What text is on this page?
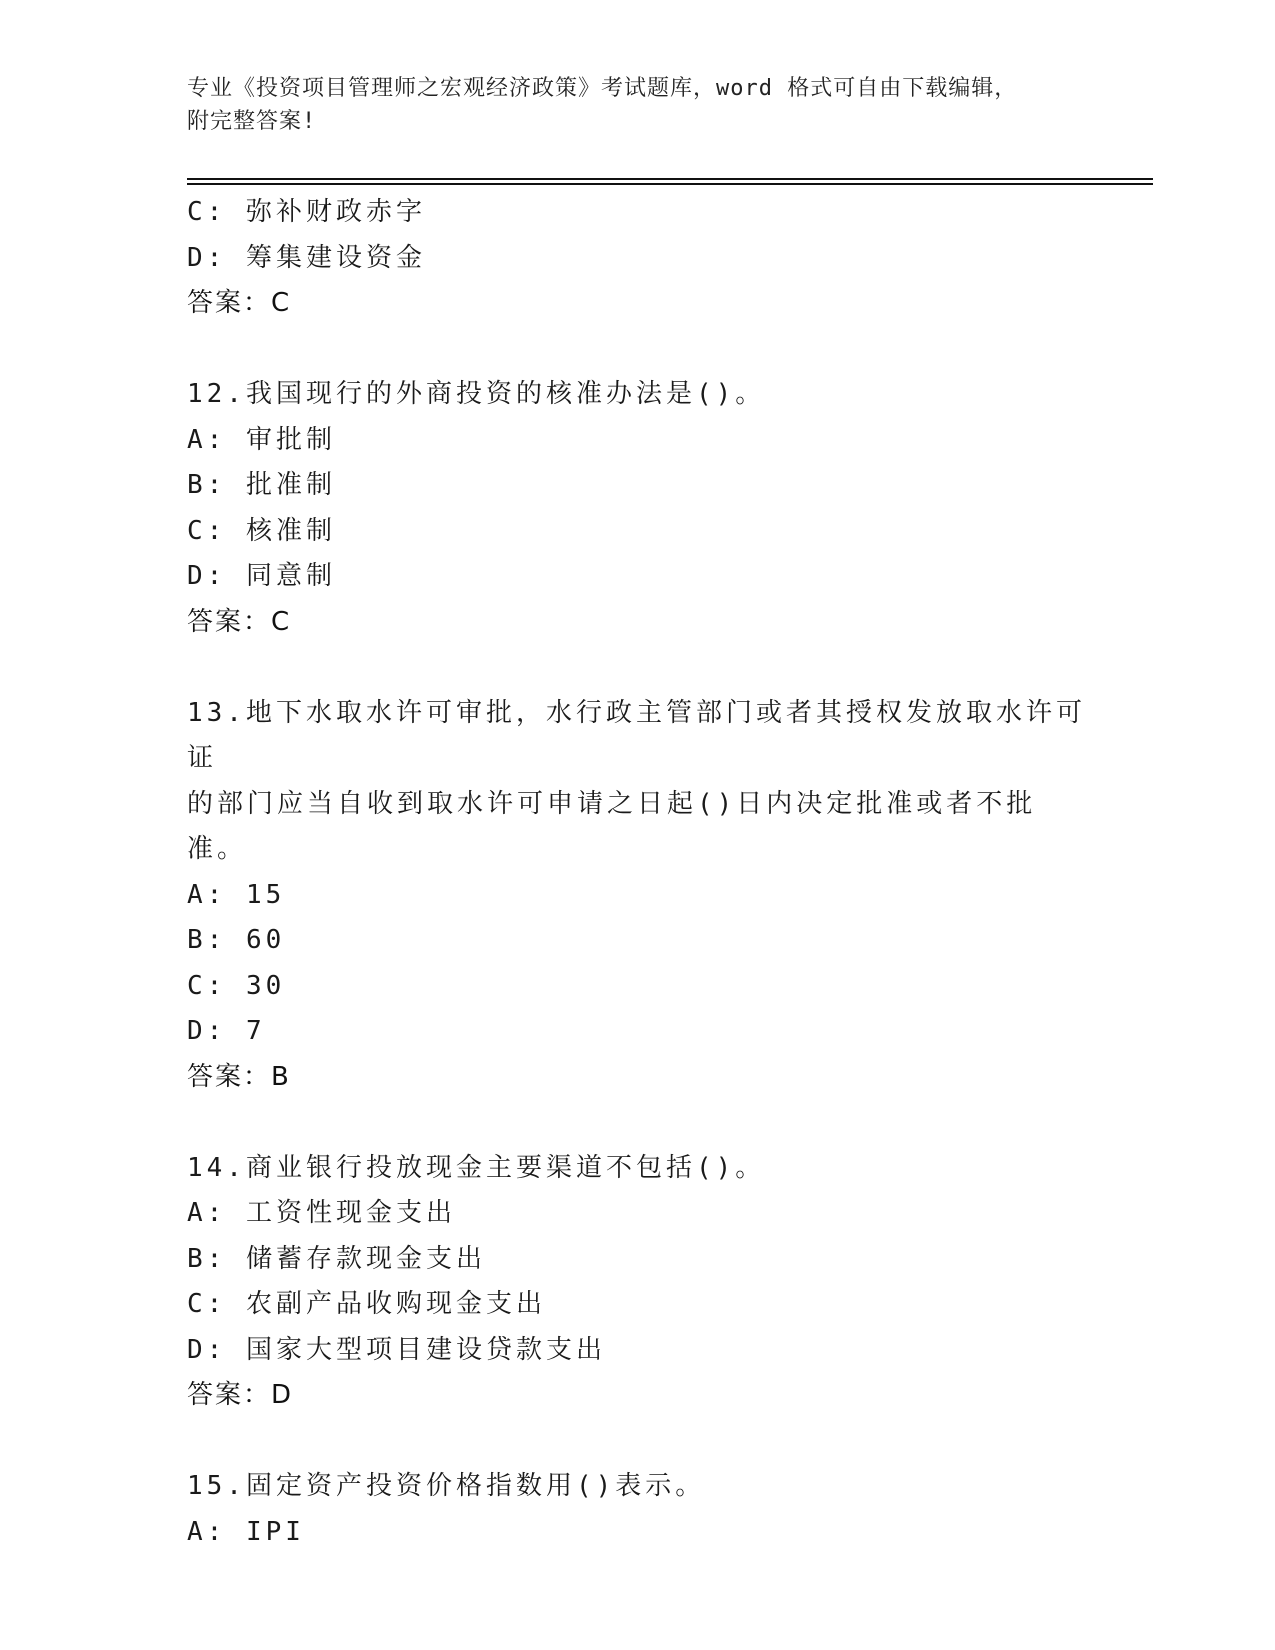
专业《投资项目管理师之宏观经济政策》考试题库，word 格式可自由下载编辑，
附完整答案!
C: 弥补财政赤字
D: 筹集建设资金
答案：C
12.我国现行的外商投资的核准办法是()。
A: 审批制
B: 批准制
C: 核准制
D: 同意制
答案：C
13.地下水取水许可审批，水行政主管部门或者其授权发放取水许可证
的部门应当自收到取水许可申请之日起()日内决定批准或者不批准。
A: 15
B: 60
C: 30
D: 7
答案：B
14.商业银行投放现金主要渠道不包括()。
A: 工资性现金支出
B: 储蓄存款现金支出
C: 农副产品收购现金支出
D: 国家大型项目建设贷款支出
答案：D
15.固定资产投资价格指数用()表示。
A: IPI
